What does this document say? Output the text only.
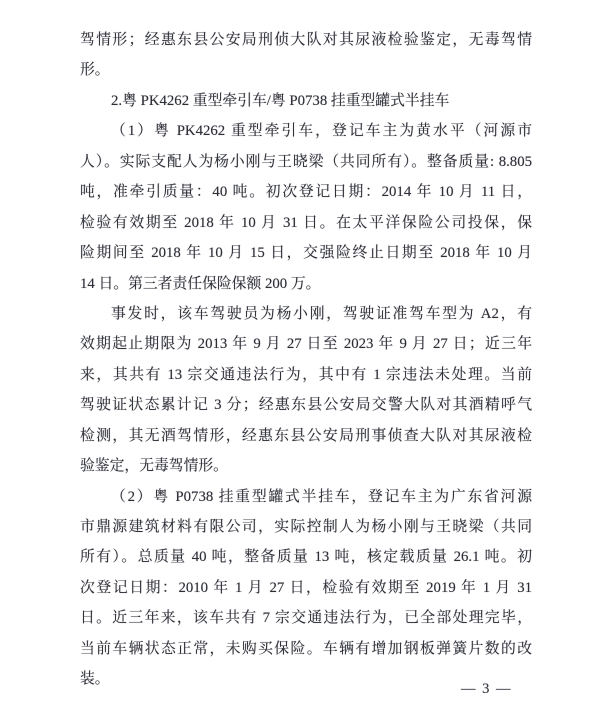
驾情形；经惠东县公安局刑侦大队对其尿液检验鉴定，无毒驾情
形。
2.粤 PK4262 重型牵引车/粤 P0738 挂重型罐式半挂车
（1）粤 PK4262 重型牵引车，登记车主为黄水平（河源市
人）。实际支配人为杨小刚与王晓梁（共同所有）。整备质量: 8.805
吨，准牵引质量：40 吨。初次登记日期：2014 年 10 月 11 日，
检验有效期至 2018 年 10 月 31 日。在太平洋保险公司投保，保
险期间至 2018 年 10 月 15 日，交强险终止日期至 2018 年 10 月
14 日。第三者责任保险保额 200 万。
事发时，该车驾驶员为杨小刚，驾驶证准驾车型为 A2，有
效期起止期限为 2013 年 9 月 27 日至 2023 年 9 月 27 日；近三年
来，其共有 13 宗交通违法行为，其中有 1 宗违法未处理。当前
驾驶证状态累计记 3 分；经惠东县公安局交警大队对其酒精呼气
检测，其无酒驾情形，经惠东县公安局刑事侦查大队对其尿液检
验鉴定，无毒驾情形。
（2）粤 P0738 挂重型罐式半挂车，登记车主为广东省河源
市鼎源建筑材料有限公司，实际控制人为杨小刚与王晓梁（共同
所有）。总质量 40 吨，整备质量 13 吨，核定载质量 26.1 吨。初
次登记日期：2010 年 1 月 27 日，检验有效期至 2019 年 1 月 31
日。近三年来，该车共有 7 宗交通违法行为，已全部处理完毕，
当前车辆状态正常，未购买保险。车辆有增加钢板弹簧片数的改
装。
— 3 —
